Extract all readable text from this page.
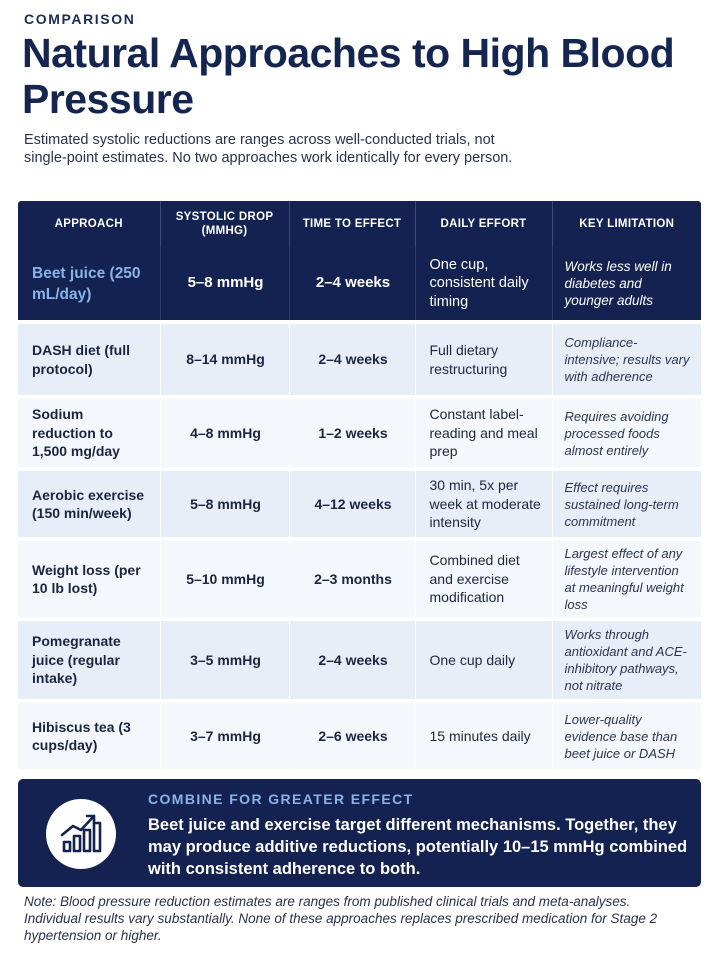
COMPARISON
Natural Approaches to High Blood Pressure
Estimated systolic reductions are ranges across well-conducted trials, not single-point estimates. No two approaches work identically for every person.
APPROACH	SYSTOLIC DROP (MMHG)	TIME TO EFFECT	DAILY EFFORT	KEY LIMITATION
Beet juice (250 mL/day)	5–8 mmHg	2–4 weeks	One cup, consistent daily timing	Works less well in diabetes and younger adults
DASH diet (full protocol)	8–14 mmHg	2–4 weeks	Full dietary restructuring	Compliance-intensive; results vary with adherence
Sodium reduction to 1,500 mg/day	4–8 mmHg	1–2 weeks	Constant label-reading and meal prep	Requires avoiding processed foods almost entirely
Aerobic exercise (150 min/week)	5–8 mmHg	4–12 weeks	30 min, 5x per week at moderate intensity	Effect requires sustained long-term commitment
Weight loss (per 10 lb lost)	5–10 mmHg	2–3 months	Combined diet and exercise modification	Largest effect of any lifestyle intervention at meaningful weight loss
Pomegranate juice (regular intake)	3–5 mmHg	2–4 weeks	One cup daily	Works through antioxidant and ACE-inhibitory pathways, not nitrate
Hibiscus tea (3 cups/day)	3–7 mmHg	2–6 weeks	15 minutes daily	Lower-quality evidence base than beet juice or DASH
COMBINE FOR GREATER EFFECT
Beet juice and exercise target different mechanisms. Together, they may produce additive reductions, potentially 10–15 mmHg combined with consistent adherence to both.
Note: Blood pressure reduction estimates are ranges from published clinical trials and meta-analyses. Individual results vary substantially. None of these approaches replaces prescribed medication for Stage 2 hypertension or higher.
